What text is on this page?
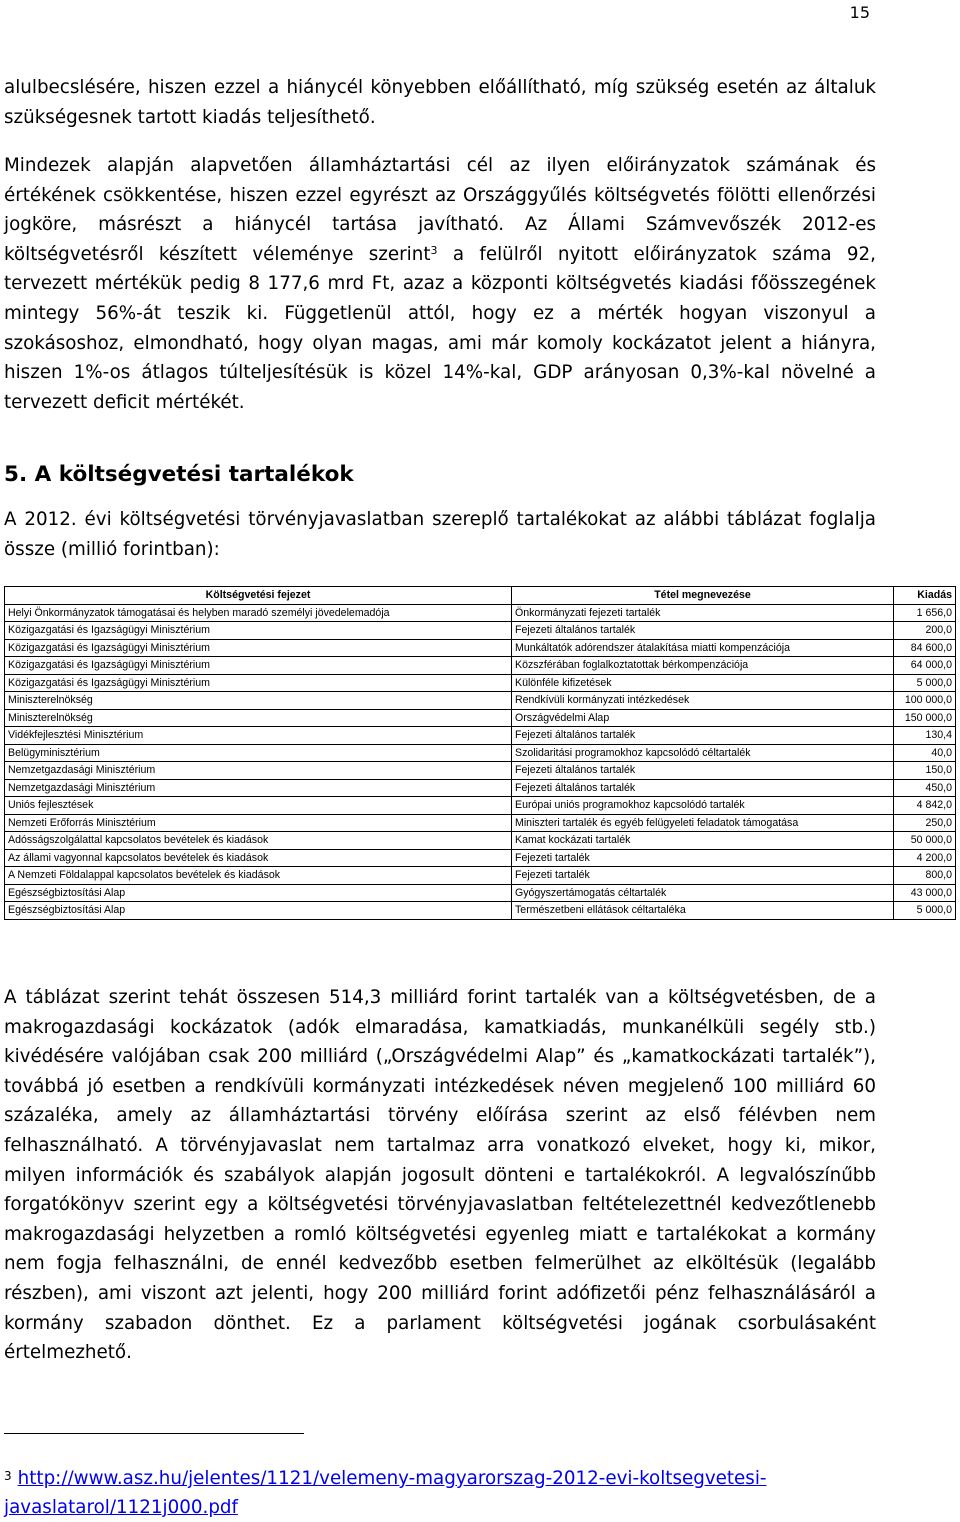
15

alulbecslésére, hiszen ezzel a hiánycél könyebben előállítható, míg szükség esetén az általuk szükségesnek tartott kiadás teljesíthető.

Mindezek alapján alapvetően államháztartási cél az ilyen előirányzatok számának és értékének csökkentése, hiszen ezzel egyrészt az Országgyűlés költségvetés fölötti ellenőrzési jogköre, másrészt a hiánycél tartása javítható. Az Állami Számvevőszék 2012-es költségvetésről készített véleménye szerint$^3$ a felülről nyitott előirányzatok száma 92, tervezett mértékük pedig 8 177,6 mrd Ft, azaz a központi költségvetés kiadási főösszegének mintegy 56%-át teszik ki. Függetlenül attól, hogy ez a mérték hogyan viszonyul a szokásoshoz, elmondható, hogy olyan magas, ami már komoly kockázatot jelent a hiányra, hiszen 1%-os átlagos túlteljesítésük is közel 14%-kal, GDP arányosan 0,3%-kal növelné a tervezett deficit mértékét.

5. A költségvetési tartalékok

A 2012. évi költségvetési törvényjavaslatban szereplő tartalékokat az alábbi táblázat foglalja össze (millió forintban):

Költségvetési fejezet	Tétel megnevezése	Kiadás
Helyi Önkormányzatok támogatásai és helyben maradó személyi jövedelemadója	Önkormányzati fejezeti tartalék	1 656,0
Közigazgatási és Igazságügyi Minisztérium	Fejezeti általános tartalék	200,0
Közigazgatási és Igazságügyi Minisztérium	Munkáltatók adórendszer átalakítása miatti kompenzációja	84 600,0
Közigazgatási és Igazságügyi Minisztérium	Közszférában foglalkoztatottak bérkompenzációja	64 000,0
Közigazgatási és Igazságügyi Minisztérium	Különféle kifizetések	5 000,0
Miniszterelnökség	Rendkívüli kormányzati intézkedések	100 000,0
Miniszterelnökség	Országvédelmi Alap	150 000,0
Vidékfejlesztési Minisztérium	Fejezeti általános tartalék	130,4
Belügyminisztérium	Szolidaritási programokhoz kapcsolódó céltartalék	40,0
Nemzetgazdasági Minisztérium	Fejezeti általános tartalék	150,0
Nemzetgazdasági Minisztérium	Fejezeti általános tartalék	450,0
Uniós fejlesztések	Európai uniós programokhoz kapcsolódó tartalék	4 842,0
Nemzeti Erőforrás Minisztérium	Miniszteri tartalék és egyéb felügyeleti feladatok támogatása	250,0
Adósságszolgálattal kapcsolatos bevételek és kiadások	Kamat kockázati tartalék	50 000,0
Az állami vagyonnal kapcsolatos bevételek és kiadások	Fejezeti tartalék	4 200,0
A Nemzeti Földalappal kapcsolatos bevételek és kiadások	Fejezeti tartalék	800,0
Egészségbiztosítási Alap	Gyógyszertámogatás céltartalék	43 000,0
Egészségbiztosítási Alap	Természetbeni ellátások céltartaléka	5 000,0

A táblázat szerint tehát összesen 514,3 milliárd forint tartalék van a költségvetésben, de a makrogazdasági kockázatok (adók elmaradása, kamatkiadás, munkanélküli segély stb.) kivédésére valójában csak 200 milliárd („Országvédelmi Alap” és „kamatkockázati tartalék”), továbbá jó esetben a rendkívüli kormányzati intézkedések néven megjelenő 100 milliárd 60 százaléka, amely az államháztartási törvény előírása szerint az első félévben nem felhasználható. A törvényjavaslat nem tartalmaz arra vonatkozó elveket, hogy ki, mikor, milyen információk és szabályok alapján jogosult dönteni e tartalékokról. A legvalószínűbb forgatókönyv szerint egy a költségvetési törvényjavaslatban feltételezettnél kedvezőtlenebb makrogazdasági helyzetben a romló költségvetési egyenleg miatt e tartalékokat a kormány nem fogja felhasználni, de ennél kedvezőbb esetben felmerülhet az elköltésük (legalább részben), ami viszont azt jelenti, hogy 200 milliárd forint adófizetői pénz felhasználásáról a kormány szabadon dönthet. Ez a parlament költségvetési jogának csorbulásaként értelmezhető.

$^3$ http://www.asz.hu/jelentes/1121/velemeny-magyarorszag-2012-evi-koltsegvetesi-javaslatarol/1121j000.pdf
